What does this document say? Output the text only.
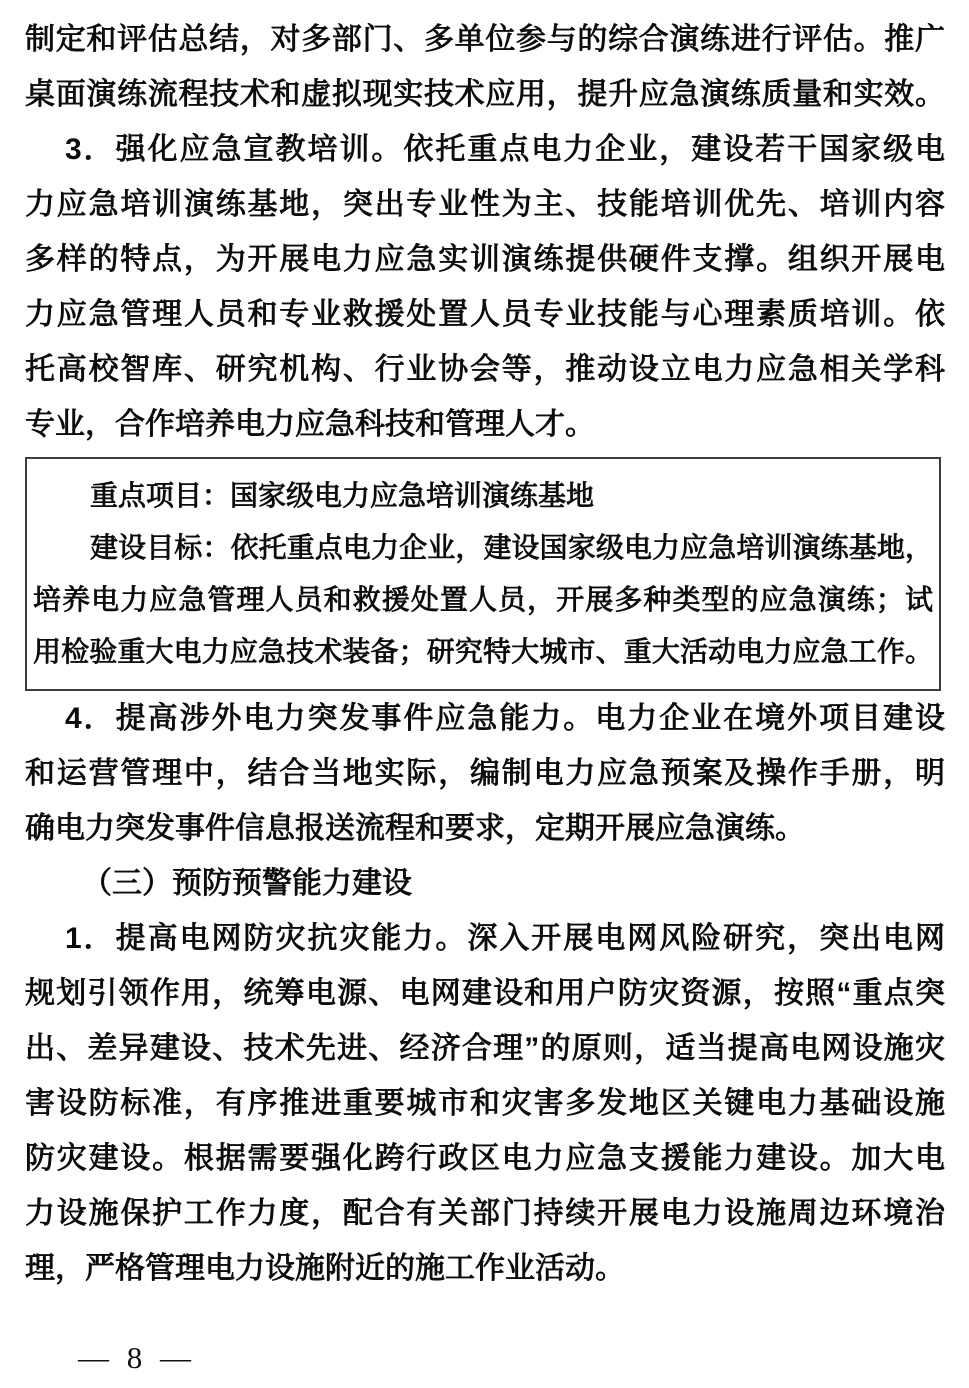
制定和评估总结，对多部门、多单位参与的综合演练进行评估。推广
桌面演练流程技术和虚拟现实技术应用，提升应急演练质量和实效。
3．强化应急宣教培训。依托重点电力企业，建设若干国家级电
力应急培训演练基地，突出专业性为主、技能培训优先、培训内容
多样的特点，为开展电力应急实训演练提供硬件支撑。组织开展电
力应急管理人员和专业救援处置人员专业技能与心理素质培训。依
托高校智库、研究机构、行业协会等，推动设立电力应急相关学科
专业，合作培养电力应急科技和管理人才。
重点项目：国家级电力应急培训演练基地
建设目标：依托重点电力企业，建设国家级电力应急培训演练基地，
培养电力应急管理人员和救援处置人员，开展多种类型的应急演练；试
用检验重大电力应急技术装备；研究特大城市、重大活动电力应急工作。
4．提高涉外电力突发事件应急能力。电力企业在境外项目建设
和运营管理中，结合当地实际，编制电力应急预案及操作手册，明
确电力突发事件信息报送流程和要求，定期开展应急演练。
（三）预防预警能力建设
1．提高电网防灾抗灾能力。深入开展电网风险研究，突出电网
规划引领作用，统筹电源、电网建设和用户防灾资源，按照“重点突
出、差异建设、技术先进、经济合理”的原则，适当提高电网设施灾
害设防标准，有序推进重要城市和灾害多发地区关键电力基础设施
防灾建设。根据需要强化跨行政区电力应急支援能力建设。加大电
力设施保护工作力度，配合有关部门持续开展电力设施周边环境治
理，严格管理电力设施附近的施工作业活动。
— 8 —
